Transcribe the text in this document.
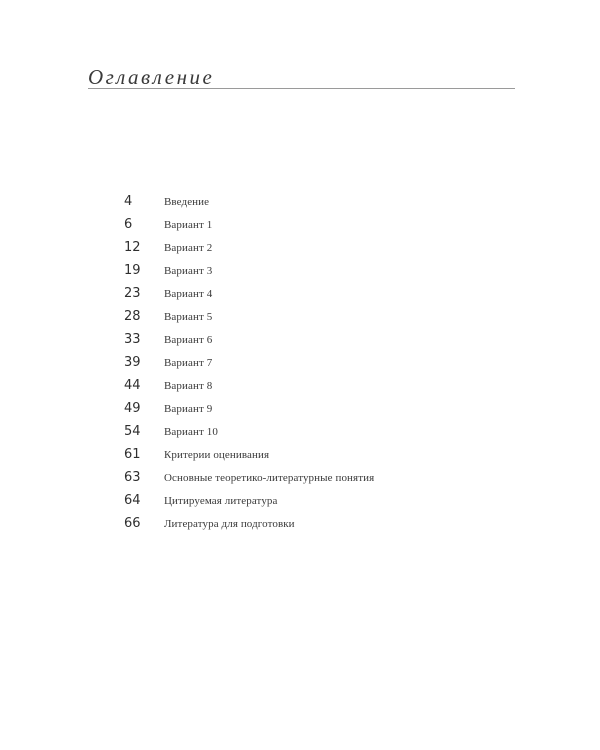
Оглавление
4	Введение
6	Вариант 1
12	Вариант 2
19	Вариант 3
23	Вариант 4
28	Вариант 5
33	Вариант 6
39	Вариант 7
44	Вариант 8
49	Вариант 9
54	Вариант 10
61	Критерии оценивания
63	Основные теоретико-литературные понятия
64	Цитируемая литература
66	Литература для подготовки
